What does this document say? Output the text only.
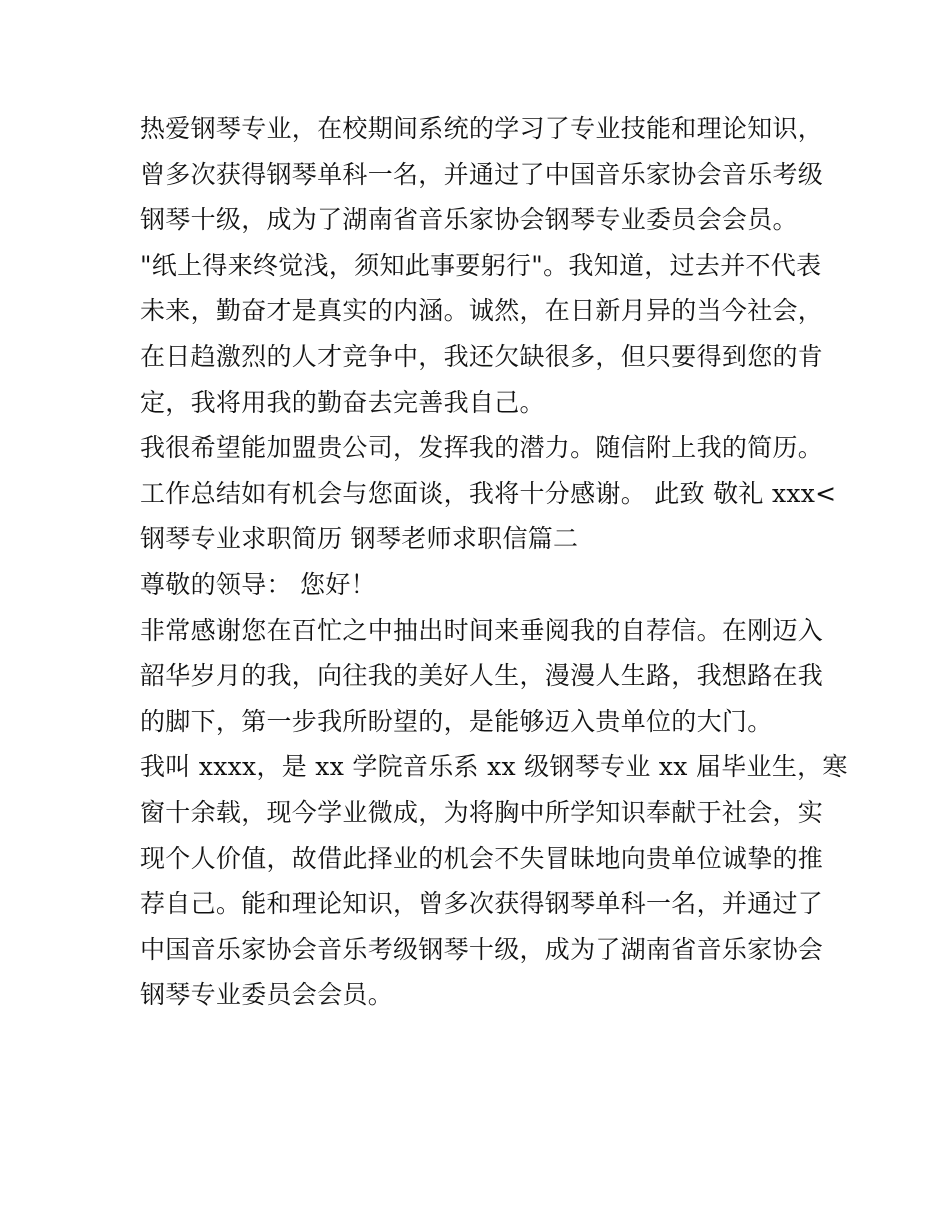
热爱钢琴专业，在校期间系统的学习了专业技能和理论知识，
曾多次获得钢琴单科一名，并通过了中国音乐家协会音乐考级
钢琴十级，成为了湖南省音乐家协会钢琴专业委员会会员。
"纸上得来终觉浅，须知此事要躬行"。我知道，过去并不代表
未来，勤奋才是真实的内涵。诚然，在日新月异的当今社会，
在日趋激烈的人才竞争中，我还欠缺很多，但只要得到您的肯
定，我将用我的勤奋去完善我自己。
我很希望能加盟贵公司，发挥我的潜力。随信附上我的简历。
工作总结如有机会与您面谈，我将十分感谢。 此致 敬礼 xxx<
钢琴专业求职简历 钢琴老师求职信篇二
尊敬的领导： 您好！
非常感谢您在百忙之中抽出时间来垂阅我的自荐信。在刚迈入
韶华岁月的我，向往我的美好人生，漫漫人生路，我想路在我
的脚下，第一步我所盼望的，是能够迈入贵单位的大门。
我叫 xxxx，是 xx 学院音乐系 xx 级钢琴专业 xx 届毕业生，寒
窗十余载，现今学业微成，为将胸中所学知识奉献于社会，实
现个人价值，故借此择业的机会不失冒昧地向贵单位诚挚的推
荐自己。能和理论知识，曾多次获得钢琴单科一名，并通过了
中国音乐家协会音乐考级钢琴十级，成为了湖南省音乐家协会
钢琴专业委员会会员。
